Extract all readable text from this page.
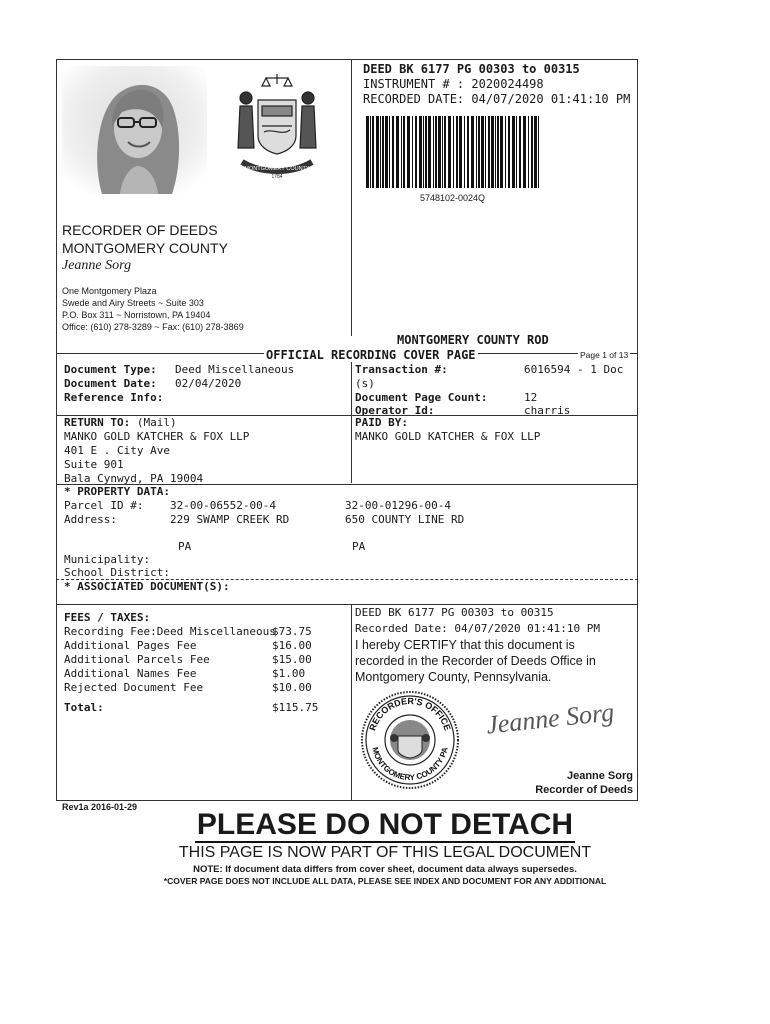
DEED BK 6177 PG 00303 to 00315
INSTRUMENT # : 2020024498
RECORDED DATE: 04/07/2020 01:41:10 PM
5748102-0024Q
MONTGOMERY COUNTY
1784
RECORDER OF DEEDS
MONTGOMERY COUNTY
Jeanne Sorg
One Montgomery Plaza
Swede and Airy Streets ~ Suite 303
P.O. Box 311 ~ Norristown, PA 19404
Office: (610) 278-3289 ~ Fax: (610) 278-3869
MONTGOMERY COUNTY ROD
OFFICIAL RECORDING COVER PAGE	Page 1 of 13
Document Type: Deed Miscellaneous
Document Date: 02/04/2020
Reference Info:
Transaction #:	6016594 - 1 Doc
(s)
Document Page Count:	12
Operator Id:	charris
RETURN TO: (Mail)
MANKO GOLD KATCHER & FOX LLP
401 E . City Ave
Suite 901
Bala Cynwyd, PA 19004
PAID BY:
MANKO GOLD KATCHER & FOX LLP
* PROPERTY DATA:
Parcel ID #: 32-00-06552-00-4	32-00-01296-00-4
Address:	229 SWAMP CREEK RD	650 COUNTY LINE RD
PA	PA
Municipality:
School District:
* ASSOCIATED DOCUMENT(S):
FEES / TAXES:
Recording Fee:Deed Miscellaneous
$73.75
Additional Pages Fee	$16.00
Additional Parcels Fee	$15.00
Additional Names Fee	$1.00
Rejected Document Fee	$10.00
Total:	$115.75
DEED BK 6177 PG 00303 to 00315
Recorded Date: 04/07/2020 01:41:10 PM
I hereby CERTIFY that this document is
recorded in the Recorder of Deeds Office in
Montgomery County, Pennsylvania.
RECORDER'S OFFICE
MONTGOMERY COUNTY PA
Jeanne Sorg
Jeanne Sorg
Recorder of Deeds
Rev1a 2016-01-29
PLEASE DO NOT DETACH
THIS PAGE IS NOW PART OF THIS LEGAL DOCUMENT
NOTE: If document data differs from cover sheet, document data always supersedes.
*COVER PAGE DOES NOT INCLUDE ALL DATA, PLEASE SEE INDEX AND DOCUMENT FOR ANY ADDITIONAL
